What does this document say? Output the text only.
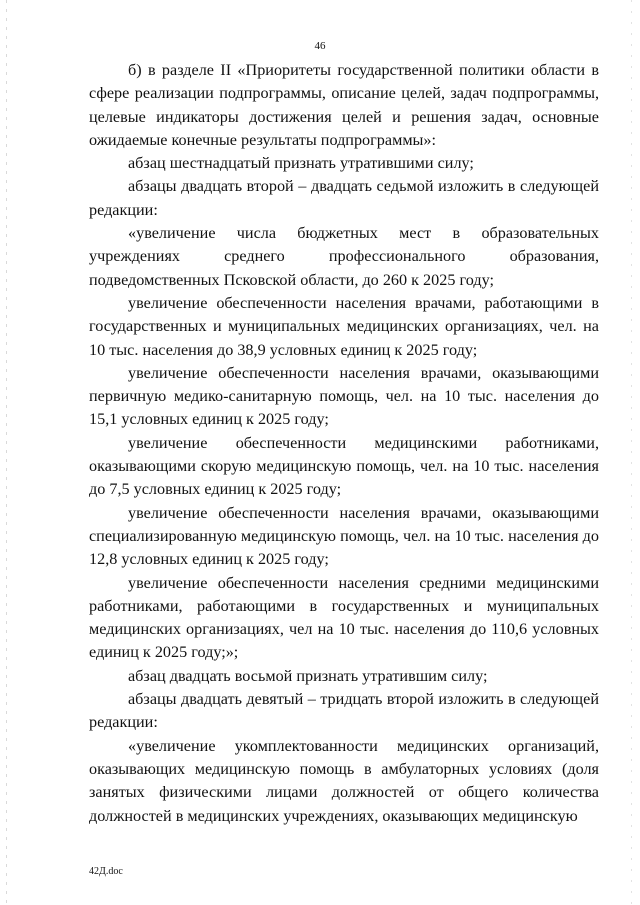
46

б) в разделе II «Приоритеты государственной политики области в сфере реализации подпрограммы, описание целей, задач подпрограммы, целевые индикаторы достижения целей и решения задач, основные ожидаемые конечные результаты подпрограммы»:

абзац шестнадцатый признать утратившими силу;

абзацы двадцать второй – двадцать седьмой изложить в следующей редакции:

«увеличение числа бюджетных мест в образовательных учреждениях среднего профессионального образования, подведомственных Псковской области, до 260 к 2025 году;

увеличение обеспеченности населения врачами, работающими в государственных и муниципальных медицинских организациях, чел. на 10 тыс. населения до 38,9 условных единиц к 2025 году;

увеличение обеспеченности населения врачами, оказывающими первичную медико-санитарную помощь, чел. на 10 тыс. населения до 15,1 условных единиц к 2025 году;

увеличение обеспеченности медицинскими работниками, оказывающими скорую медицинскую помощь, чел. на 10 тыс. населения до 7,5 условных единиц к 2025 году;

увеличение обеспеченности населения врачами, оказывающими специализированную медицинскую помощь, чел. на 10 тыс. населения до 12,8 условных единиц к 2025 году;

увеличение обеспеченности населения средними медицинскими работниками, работающими в государственных и муниципальных медицинских организациях, чел на 10 тыс. населения до 110,6 условных единиц к 2025 году;»;

абзац двадцать восьмой признать утратившим силу;

абзацы двадцать девятый – тридцать второй изложить в следующей редакции:

«увеличение укомплектованности медицинских организаций, оказывающих медицинскую помощь в амбулаторных условиях (доля занятых физическими лицами должностей от общего количества должностей в медицинских учреждениях, оказывающих медицинскую

42Д.doc
